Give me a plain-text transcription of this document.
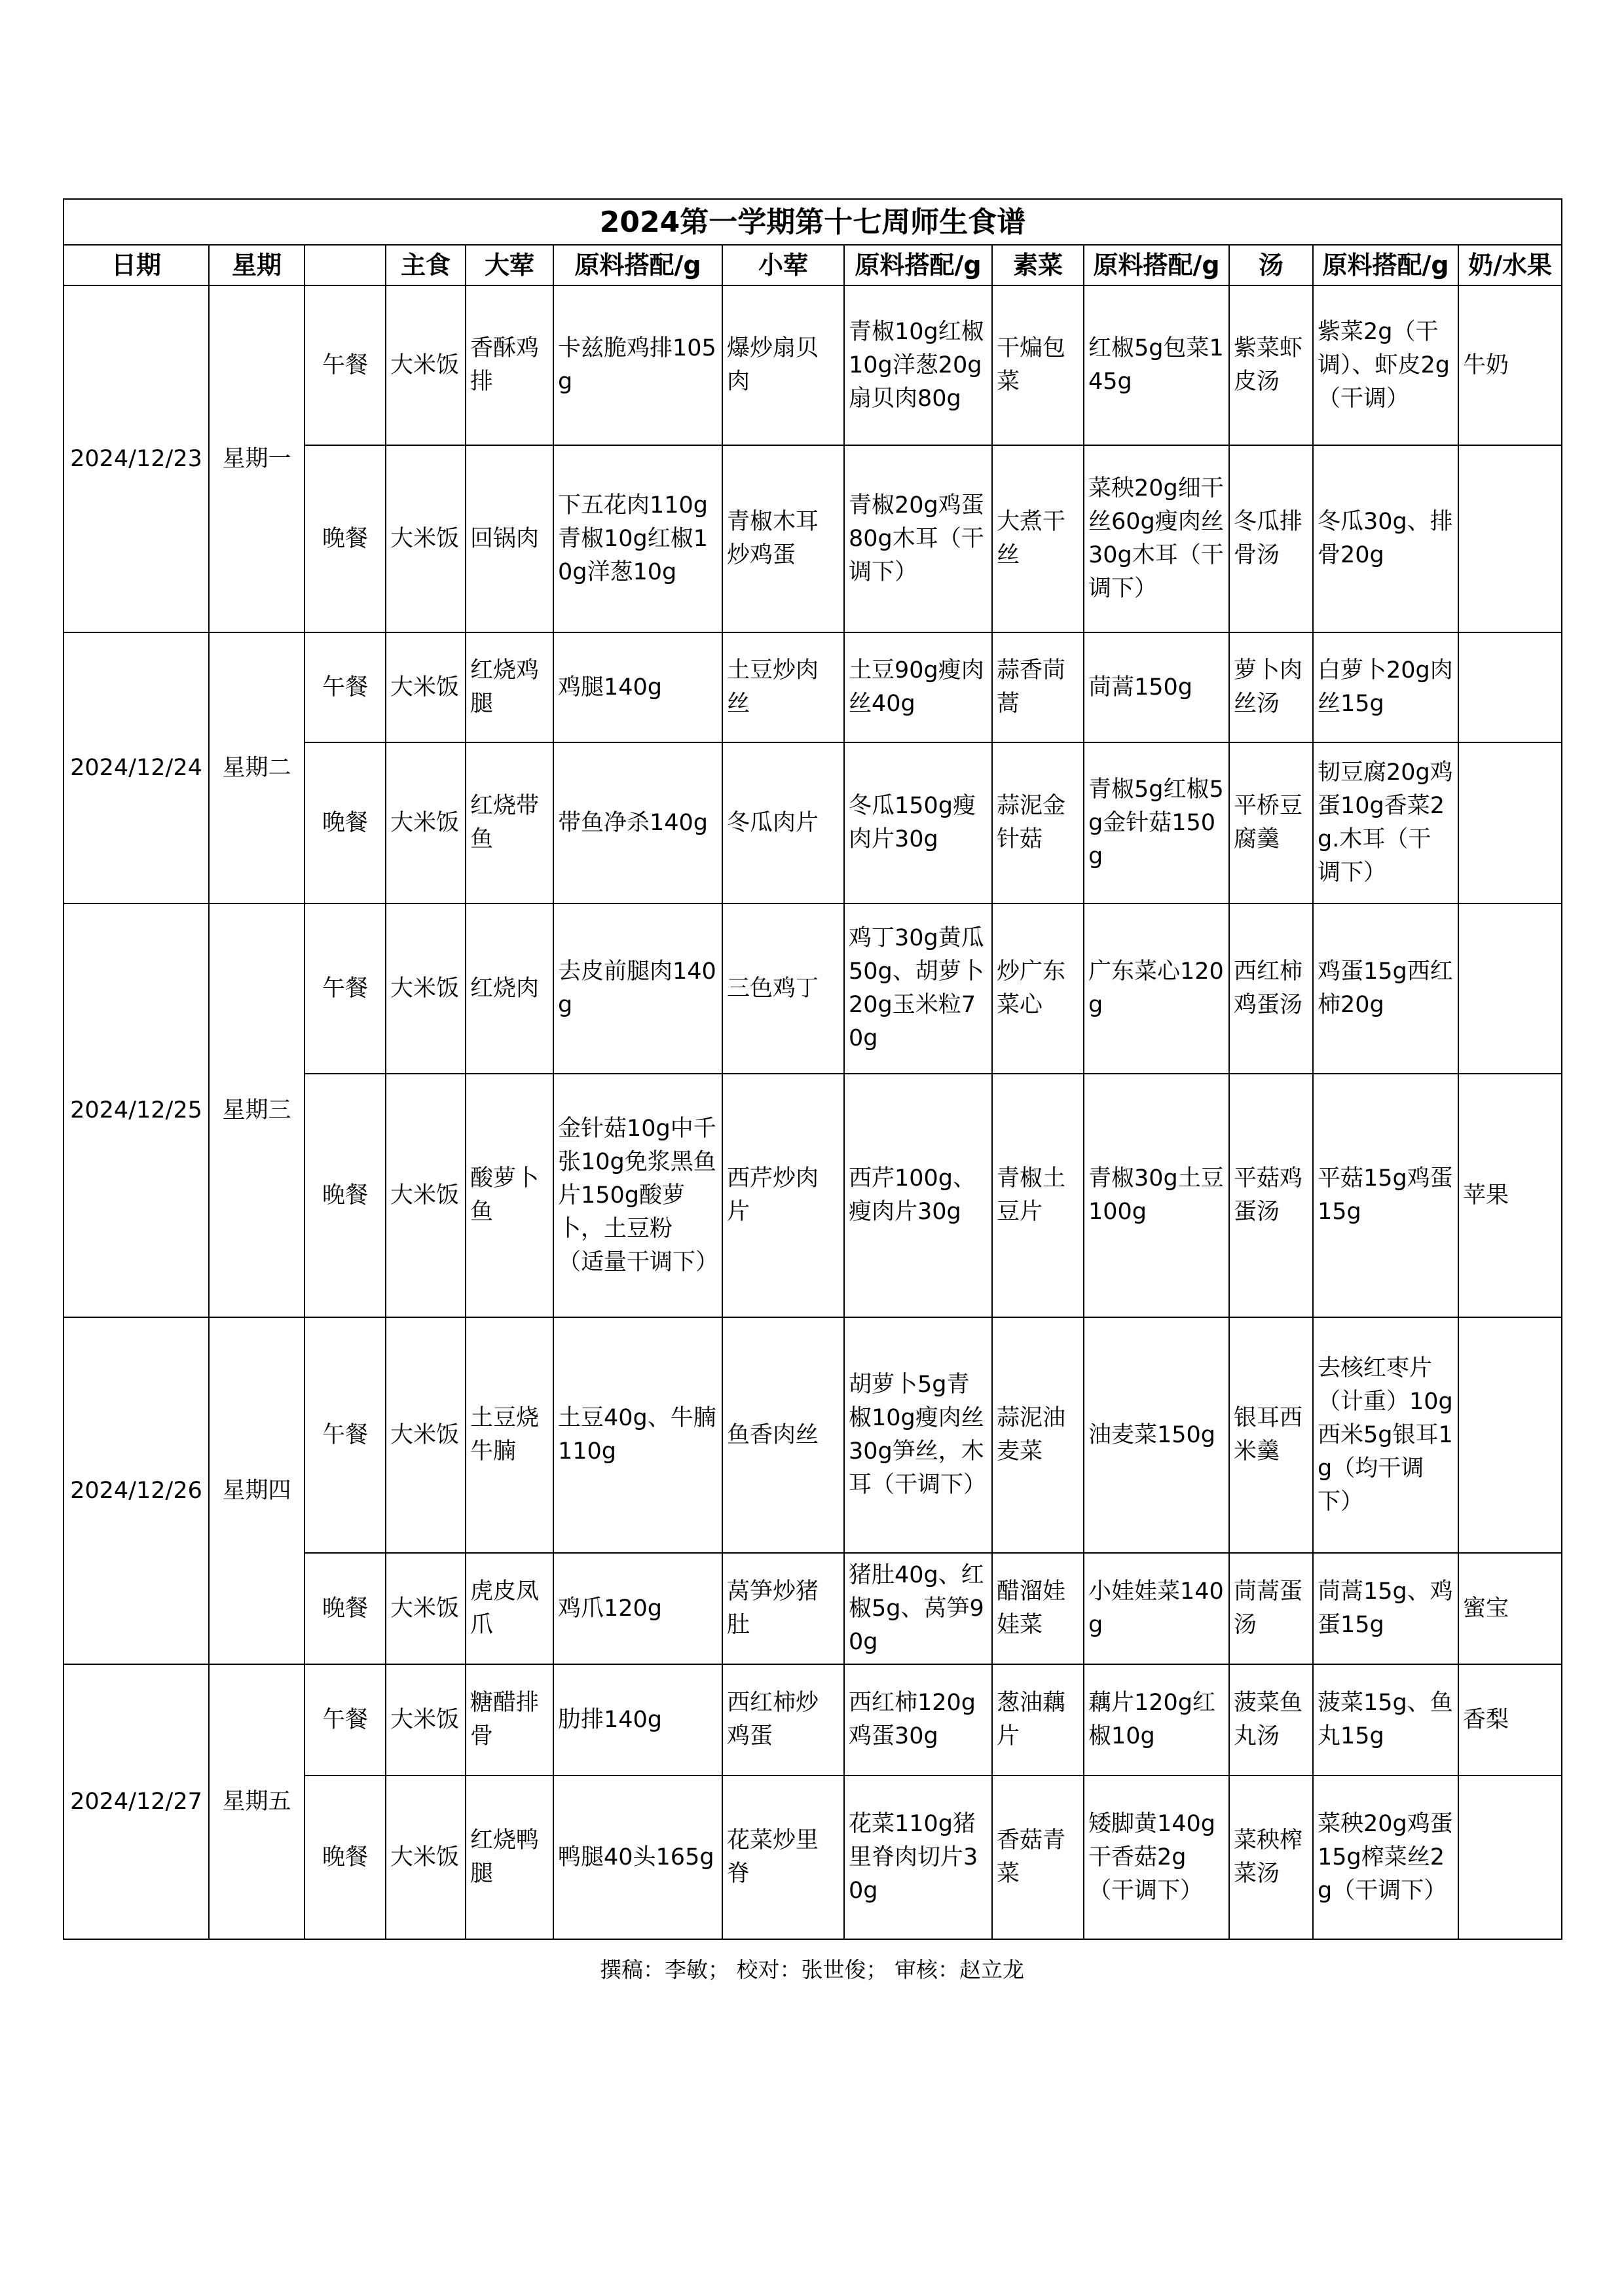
2024第一学期第十七周师生食谱												
日期	星期		主食	大荤	原料搭配/g	小荤	原料搭配/g	素菜	原料搭配/g	汤	原料搭配/g	奶/水果
2024/12/23	星期一	午餐	大米饭	香酥鸡排	卡兹脆鸡排105g	爆炒扇贝肉	青椒10g红椒10g洋葱20g扇贝肉80g	干煸包菜	红椒5g包菜145g	紫菜虾皮汤	紫菜2g（干调）、虾皮2g（干调）	牛奶
		晚餐	大米饭	回锅肉	下五花肉110g青椒10g红椒10g洋葱10g	青椒木耳炒鸡蛋	青椒20g鸡蛋80g木耳（干调下）	大煮干丝	菜秧20g细干丝60g瘦肉丝30g木耳（干调下）	冬瓜排骨汤	冬瓜30g、排骨20g	
2024/12/24	星期二	午餐	大米饭	红烧鸡腿	鸡腿140g	土豆炒肉丝	土豆90g瘦肉丝40g	蒜香茼蒿	茼蒿150g	萝卜肉丝汤	白萝卜20g肉丝15g	
		晚餐	大米饭	红烧带鱼	带鱼净杀140g	冬瓜肉片	冬瓜150g瘦肉片30g	蒜泥金针菇	青椒5g红椒5g金针菇150g	平桥豆腐羹	韧豆腐20g鸡蛋10g香菜2g.木耳（干调下）	
2024/12/25	星期三	午餐	大米饭	红烧肉	去皮前腿肉140g	三色鸡丁	鸡丁30g黄瓜50g、胡萝卜20g玉米粒70g	炒广东菜心	广东菜心120g	西红柿鸡蛋汤	鸡蛋15g西红柿20g	
		晚餐	大米饭	酸萝卜鱼	金针菇10g中千张10g免浆黑鱼片150g酸萝卜，土豆粉（适量干调下）	西芹炒肉片	西芹100g、瘦肉片30g	青椒土豆片	青椒30g土豆100g	平菇鸡蛋汤	平菇15g鸡蛋15g	苹果
2024/12/26	星期四	午餐	大米饭	土豆烧牛腩	土豆40g、牛腩110g	鱼香肉丝	胡萝卜5g青椒10g瘦肉丝30g笋丝，木耳（干调下）	蒜泥油麦菜	油麦菜150g	银耳西米羹	去核红枣片（计重）10g西米5g银耳1g（均干调下）	
		晚餐	大米饭	虎皮凤爪	鸡爪120g	莴笋炒猪肚	猪肚40g、红椒5g、莴笋90g	醋溜娃娃菜	小娃娃菜140g	茼蒿蛋汤	茼蒿15g、鸡蛋15g	蜜宝
2024/12/27	星期五	午餐	大米饭	糖醋排骨	肋排140g	西红柿炒鸡蛋	西红柿120g鸡蛋30g	葱油藕片	藕片120g红椒10g	菠菜鱼丸汤	菠菜15g、鱼丸15g	香梨
		晚餐	大米饭	红烧鸭腿	鸭腿40头165g	花菜炒里脊	花菜110g猪里脊肉切片30g	香菇青菜	矮脚黄140g干香菇2g（干调下）	菜秧榨菜汤	菜秧20g鸡蛋15g榨菜丝2g（干调下）	
撰稿：李敏； 校对：张世俊； 审核：赵立龙
